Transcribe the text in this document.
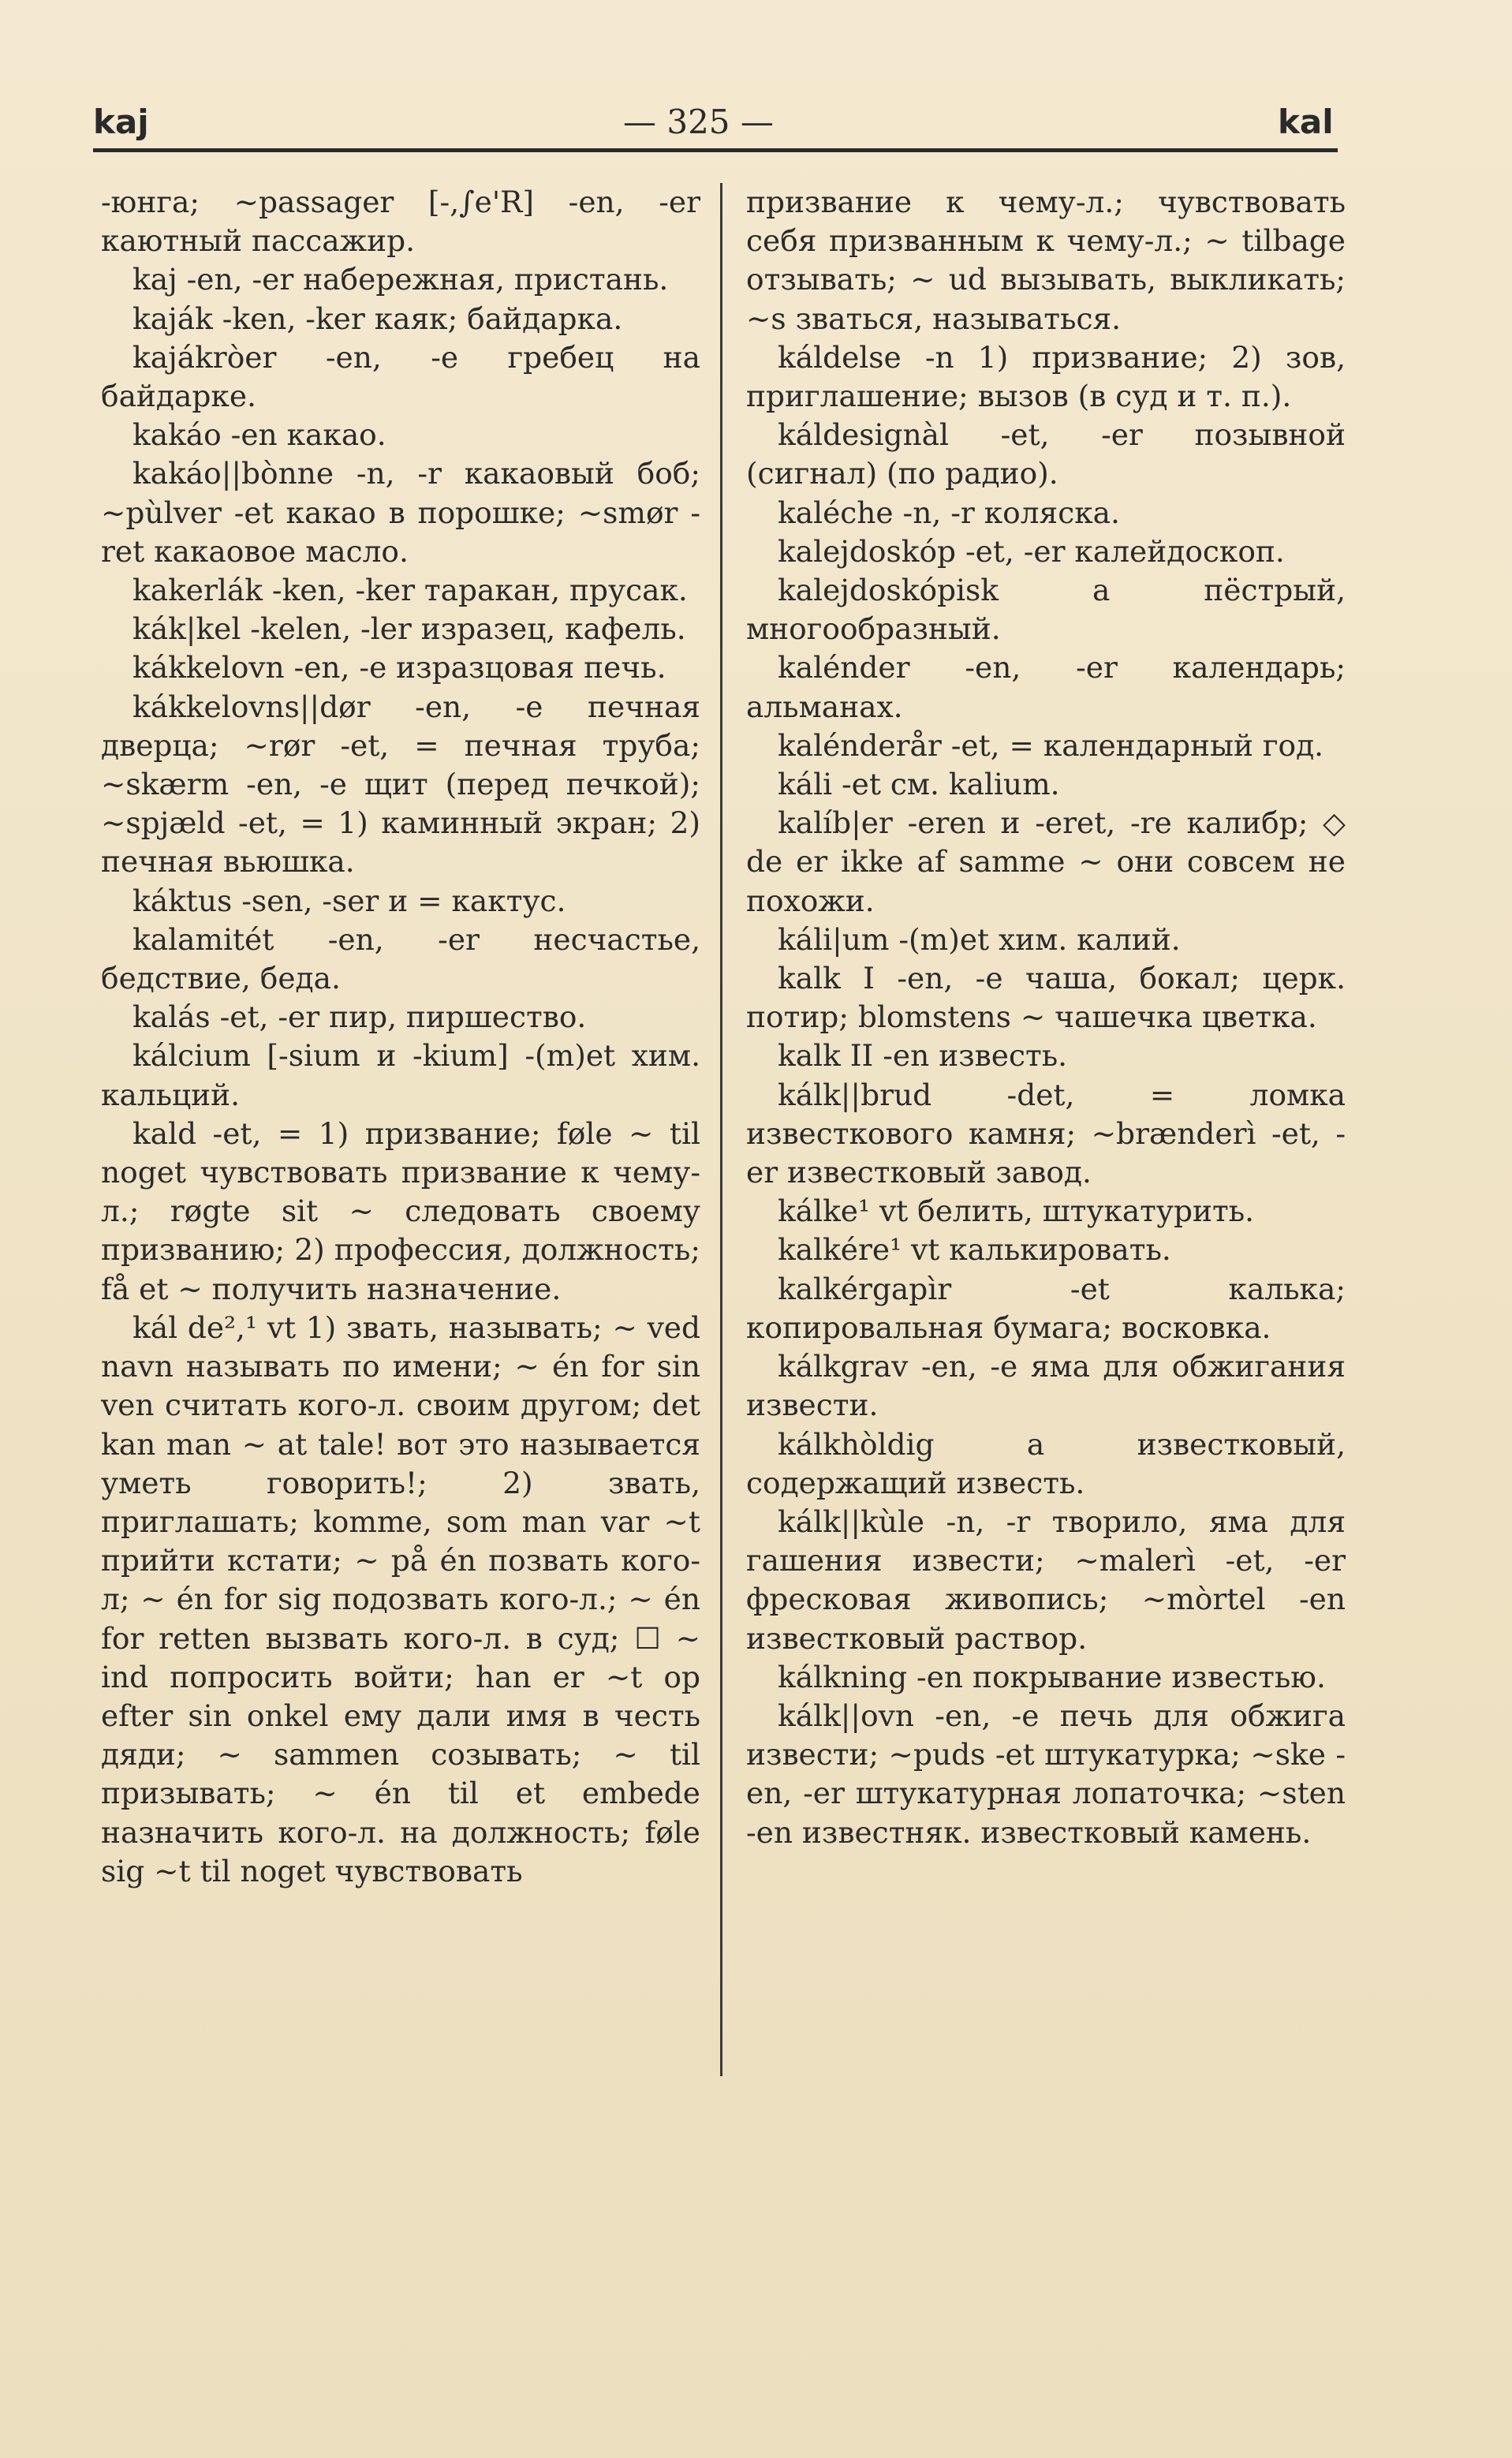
kaj	— 325 —	kal

-юнга; ~passager [-,∫e'R] -en, -er каютный пассажир.

kaj -en, -er набережная, пристань.

kaják -ken, -ker каяк; байдарка.

kajákròer -en, -e гребец на байдарке.

kakáo -en какао.

kakáo||bònne -n, -r какаовый боб; ~pùlver -et какао в порошке; ~smør -ret какаовое масло.

kakerlák -ken, -ker таракан, прусак.

kák|kel -kelen, -ler изразец, кафель.

kákkelovn -en, -e изразцовая печь.

kákkelovns||dør -en, -e печная дверца; ~rør -et, = печная труба; ~skærm -en, -e щит (перед печкой); ~spjæld -et, = 1) каминный экран; 2) печная вьюшка.

káktus -sen, -ser и = кактус.

kalamitét -en, -er несчастье, бедствие, беда.

kalás -et, -er пир, пиршество.

kálcium [-sium и -kium] -(m)et хим. кальций.

kald -et, = 1) призвание; føle ~ til noget чувствовать призвание к чему-л.; røgte sit ~ следовать своему призванию; 2) профессия, должность; få et ~ получить назначение.

kál de²,¹ vt 1) звать, называть; ~ ved navn называть по имени; ~ én for sin ven считать кого-л. своим другом; det kan man ~ at tale! вот это называется уметь говорить!; 2) звать, приглашать; komme, som man var ~t прийти кстати; ~ på én позвать кого-л; ~ én for sig подозвать кого-л.; ~ én for retten вызвать кого-л. в суд; ☐ ~ ind попросить войти; han er ~t op efter sin onkel ему дали имя в честь дяди; ~ sammen созывать; ~ til призывать; ~ én til et embede назначить кого-л. на должность; føle sig ~t til noget чувствовать

призвание к чему-л.; чувствовать себя призванным к чему-л.; ~ tilbage отзывать; ~ ud вызывать, выкликать; ~s зваться, называться.

káldelse -n 1) призвание; 2) зов, приглашение; вызов (в суд и т. п.).

káldesignàl -et, -er позывной (сигнал) (по радио).

kaléche -n, -r коляска.

kalejdoskóp -et, -er калейдоскоп.

kalejdoskópisk a пёстрый, многообразный.

kalénder -en, -er календарь; альманах.

kalénderår -et, = календарный год.

káli -et см. kalium.

kalíb|er -eren и -eret, -re калибр; ◇ de er ikke af samme ~ они совсем не похожи.

káli|um -(m)et хим. калий.

kalk I -en, -e чаша, бокал; церк. потир; blomstens ~ чашечка цветка.

kalk II -en известь.

kálk||brud -det, = ломка известкового камня; ~brænderì -et, -er известковый завод.

kálke¹ vt белить, штукатурить.

kalkére¹ vt калькировать.

kalkérgapìr -et калька; копировальная бумага; восковка.

kálkgrav -en, -e яма для обжигания извести.

kálkhòldig a известковый, содержащий известь.

kálk||kùle -n, -r творило, яма для гашения извести; ~malerì -et, -er фресковая живопись; ~mòrtel -en известковый раствор.

kálkning -en покрывание известью.

kálk||ovn -en, -e печь для обжига извести; ~puds -et штукатурка; ~ske -en, -er штукатурная лопаточка; ~sten -en известняк. известковый камень.
